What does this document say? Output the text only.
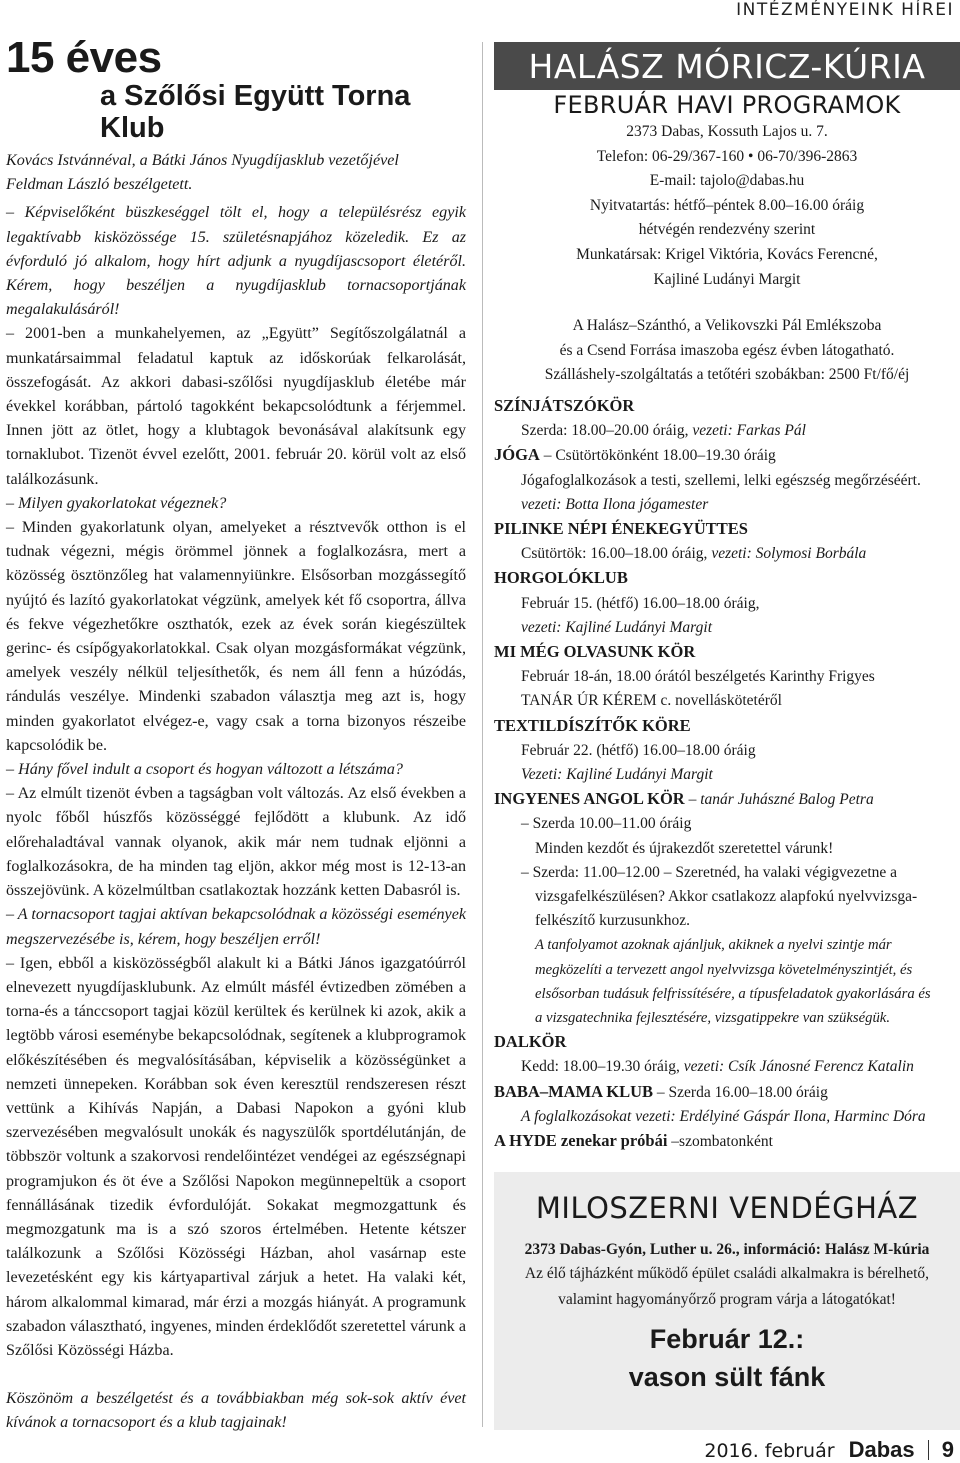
INTÉZMÉNYEINK HÍREI
15 éves
a Szőlősi Együtt Torna Klub
Kovács Istvánnéval, a Bátki János Nyugdíjasklub vezetőjével
Feldman László beszélgetett.

– Képviselőként büszkeséggel tölt el, hogy a településrész egyik legaktívabb kisközössége 15. születésnapjához közeledik. Ez az évforduló jó alkalom, hogy hírt adjunk a nyugdíjascsoport életéről. Kérem, hogy beszéljen a nyugdíjasklub tornacsoportjának megalakulásáról!

– 2001-ben a munkahelyemen, az „Együtt” Segítőszolgálatnál a munkatársaimmal feladatul kaptuk az időskorúak felkarolását, összefogását. Az akkori dabasi-szőlősi nyugdíjasklub életébe már évekkel korábban, pártoló tagokként bekapcsolódtunk a férjemmel. Innen jött az ötlet, hogy a klubtagok bevonásával alakítsunk egy tornaklubot. Tizenöt évvel ezelőtt, 2001. február 20. körül volt az első találkozásunk.

– Milyen gyakorlatokat végeznek?

– Minden gyakorlatunk olyan, amelyeket a résztvevők otthon is el tudnak végezni, mégis örömmel jönnek a foglalkozásra, mert a közösség ösztönzőleg hat valamennyiünkre. Elsősorban mozgássegítő nyújtó és lazító gyakorlatokat végzünk, amelyek két fő csoportra, állva és fekve végezhetőkre oszthatók, ezek az évek során kiegészültek gerinc- és csípőgyakorlatokkal. Csak olyan mozgásformákat végzünk, amelyek veszély nélkül teljesíthetők, és nem áll fenn a húzódás, rándulás veszélye. Mindenki szabadon választja meg azt is, hogy minden gyakorlatot elvégez-e, vagy csak a torna bizonyos részeibe kapcsolódik be.

– Hány fővel indult a csoport és hogyan változott a létszáma?

– Az elmúlt tizenöt évben a tagságban volt változás. Az első években a nyolc főből húszfős közösséggé fejlődött a klubunk. Az idő előrehaladtával vannak olyanok, akik már nem tudnak eljönni a foglalkozásokra, de ha minden tag eljön, akkor még most is 12-13-an összejövünk. A közelmúltban csatlakoztak hozzánk ketten Dabasról is.

– A tornacsoport tagjai aktívan bekapcsolódnak a közösségi események megszervezésébe is, kérem, hogy beszéljen erről!

– Igen, ebből a kisközösségből alakult ki a Bátki János igazgatóúrról elnevezett nyugdíjasklubunk. Az elmúlt másfél évtizedben zömében a torna-és a tánccsoport tagjai közül kerültek és kerülnek ki azok, akik a legtöbb városi eseménybe bekapcsolódnak, segítenek a klubprogramok előkészítésében és megvalósításában, képviselik a közösségünket a nemzeti ünnepeken. Korábban sok éven keresztül rendszeresen részt vettünk a Kihívás Napján, a Dabasi Napokon a gyóni klub szervezésében megvalósult unokák és nagyszülők sportdélutánján, de többször voltunk a szakorvosi rendelőintézet vendégei az egészségnapi programjukon és öt éve a Szőlősi Napokon megünnepeltük a csoport fennállásának tizedik évfordulóját. Sokakat megmozgattunk és megmozgatunk ma is a szó szoros értelmében. Hetente kétszer találkozunk a Szőlősi Közösségi Házban, ahol vasárnap este levezetésként egy kis kártyapartival zárjuk a hetet. Ha valaki két, három alkalommal kimarad, már érzi a mozgás hiányát. A programunk szabadon választható, ingyenes, minden érdeklődőt szeretettel várunk a Szőlősi Közösségi Házba.

Köszönöm a beszélgetést és a továbbiakban még sok-sok aktív évet kívánok a tornacsoport és a klub tagjainak!

HALÁSZ MÓRICZ-KÚRIA
FEBRUÁR HAVI PROGRAMOK
2373 Dabas, Kossuth Lajos u. 7.
Telefon: 06-29/367-160 • 06-70/396-2863
E-mail: tajolo@dabas.hu
Nyitvatartás: hétfő–péntek 8.00–16.00 óráig
hétvégén rendezvény szerint
Munkatársak: Krigel Viktória, Kovács Ferencné,
Kajliné Ludányi Margit
A Halász–Szánthó, a Velikovszki Pál Emlékszoba
és a Csend Forrása imaszoba egész évben látogatható.
Szálláshely-szolgáltatás a tetőtéri szobákban: 2500 Ft/fő/éj
SZÍNJÁTSZÓKÖR
Szerda: 18.00–20.00 óráig, vezeti: Farkas Pál
JÓGA – Csütörtökönként 18.00–19.30 óráig
Jógafoglalkozások a testi, szellemi, lelki egészség megőrzéséért.
vezeti: Botta Ilona jógamester
PILINKE NÉPI ÉNEKEGYÜTTES
Csütörtök: 16.00–18.00 óráig, vezeti: Solymosi Borbála
HORGOLÓKLUB
Február 15. (hétfő) 16.00–18.00 óráig,
vezeti: Kajliné Ludányi Margit
MI MÉG OLVASUNK KÖR
Február 18-án, 18.00 órától beszélgetés Karinthy Frigyes
TANÁR ÚR KÉREM c. novelláskötetéről
TEXTILDÍSZÍTŐK KÖRE
Február 22. (hétfő) 16.00–18.00 óráig
Vezeti: Kajliné Ludányi Margit
INGYENES ANGOL KÖR – tanár Juhászné Balog Petra
– Szerda 10.00–11.00 óráig
Minden kezdőt és újrakezdőt szeretettel várunk!
– Szerda: 11.00–12.00 – Szeretnéd, ha valaki végigvezetne a
vizsgafelkészülésen? Akkor csatlakozz alapfokú nyelvvizsga-
felkészítő kurzusunkhoz.
A tanfolyamot azoknak ajánljuk, akiknek a nyelvi szintje már
megközelíti a tervezett angol nyelvvizsga követelményszintjét, és
elsősorban tudásuk felfrissítésére, a típusfeladatok gyakorlására és
a vizsgatechnika fejlesztésére, vizsgatippekre van szükségük.
DALKÖR
Kedd: 18.00–19.30 óráig, vezeti: Csík Jánosné Ferencz Katalin
BABA–MAMA KLUB – Szerda 16.00–18.00 óráig
A foglalkozásokat vezeti: Erdélyiné Gáspár Ilona, Harminc Dóra
A HYDE zenekar próbái –szombatonként
MILOSZERNI VENDÉGHÁZ
2373 Dabas-Gyón, Luther u. 26., információ: Halász M-kúria
Az élő tájházként működő épület családi alkalmakra is bérelhető,
valamint hagyományőrző program várja a látogatókat!
Február 12.:
vason sült fánk
2016. február Dabas 9
